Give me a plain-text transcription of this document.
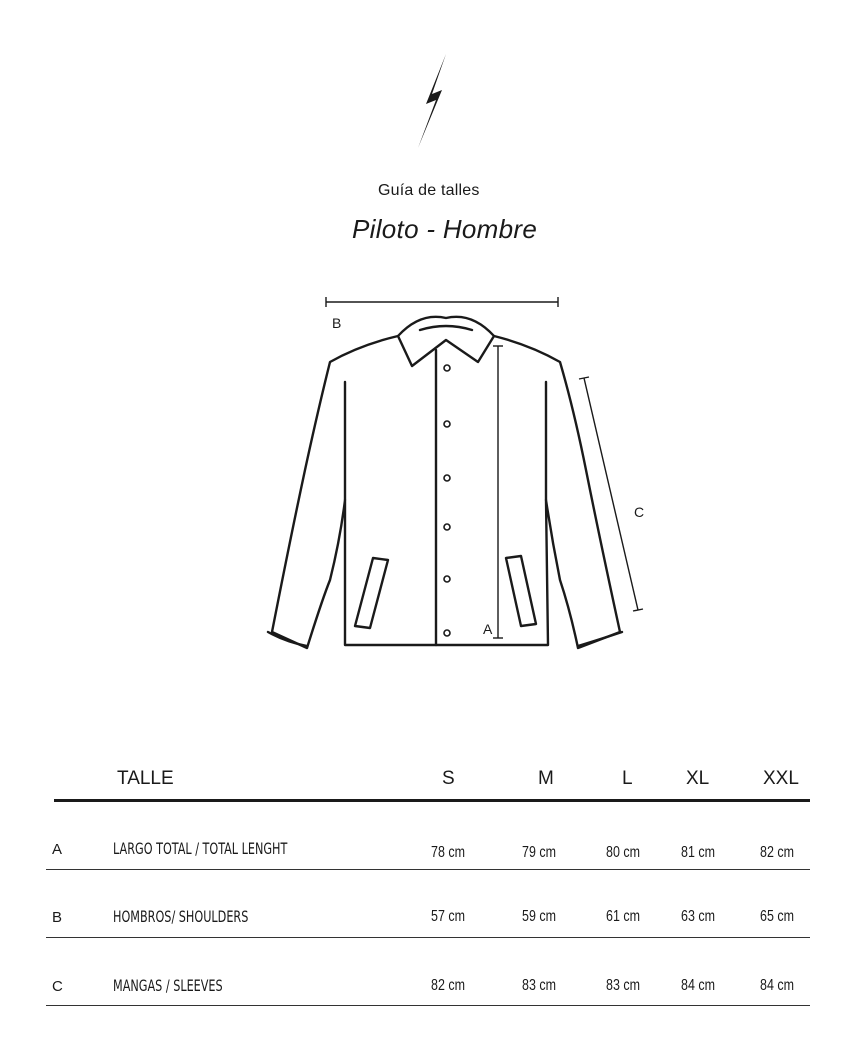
Guía de talles
Piloto - Hombre
B
A
C
TALLE	S	M	L	XL	XXL
A	LARGO TOTAL / TOTAL LENGHT	78 cm	79 cm	80 cm	81 cm	82 cm
B	HOMBROS/ SHOULDERS	57 cm	59 cm	61 cm	63 cm	65 cm
C	MANGAS / SLEEVES	82 cm	83 cm	83 cm	84 cm	84 cm
